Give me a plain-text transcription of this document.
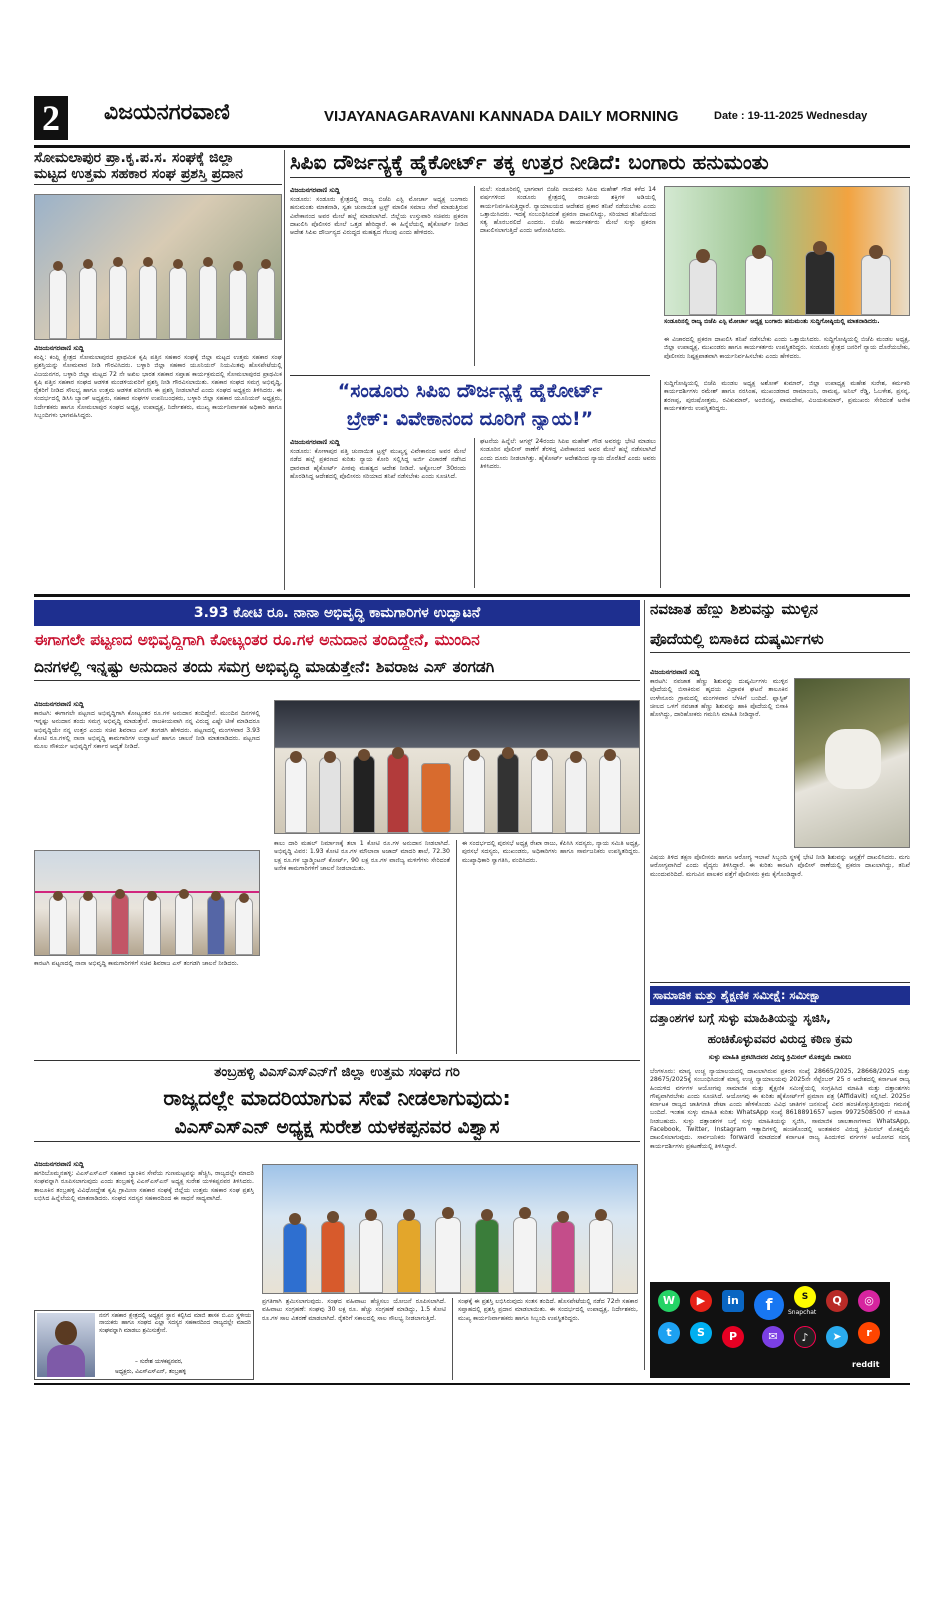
2	ವಿಜಯನಗರವಾಣಿ	VIJAYANAGARAVANI KANNADA DAILY MORNING	Date : 19-11-2025 Wednesday
ಸೋಮಲಾಪುರ ಪ್ರಾ.ಕೃ.ಪ.ಸ. ಸಂಘಕ್ಕೆ ಜಿಲ್ಲಾ
ಮಟ್ಟದ ಉತ್ತಮ ಸಹಕಾರ ಸಂಘ ಪ್ರಶಸ್ತಿ ಪ್ರದಾನ
ವಿಜಯನಗರವಾಣಿ ಸುದ್ದಿ
ಕಂಪ್ಲಿ: ಕಂಪ್ಲಿ ಕ್ಷೇತ್ರದ ಸೋಮಲಾಪುರದ ಪ್ರಾಥಮಿಕ ಕೃಷಿ ಪತ್ತಿನ ಸಹಕಾರ ಸಂಘಕ್ಕೆ ಜಿಲ್ಲಾ ಮಟ್ಟದ ಉತ್ತಮ ಸಹಕಾರ ಸಂಘ ಪ್ರಶಸ್ತಿಯನ್ನು ಸೋಮವಾರ ನೀಡಿ ಗೌರವಿಸಿದರು. ಬಳ್ಳಾರಿ ಜಿಲ್ಲಾ ಸಹಕಾರ ಯೂನಿಯನ್ ನಿಯಮಿತವು ಹೊಸಪೇಟೆಯಲ್ಲಿ ವಿಜಯನಗರ, ಬಳ್ಳಾರಿ ಜಿಲ್ಲಾ ಮಟ್ಟದ 72 ನೇ ಅಖಿಲ ಭಾರತ ಸಹಕಾರ ಸಪ್ತಾಹ ಕಾರ್ಯಕ್ರಮದಲ್ಲಿ ಸೋಮಲಾಪುರದ ಪ್ರಾಥಮಿಕ ಕೃಷಿ ಪತ್ತಿನ ಸಹಕಾರ ಸಂಘದ ಆಡಳಿತ ಮಂಡಳಿಯವರಿಗೆ ಪ್ರಶಸ್ತಿ ನೀಡಿ ಗೌರವಿಸಲಾಯಿತು. ಸಹಕಾರ ಸಂಘದ ಸಮಗ್ರ ಅಭಿವೃದ್ಧಿ, ರೈತರಿಗೆ ನೀಡಿದ ಸೌಲಭ್ಯ ಹಾಗೂ ಉತ್ತಮ ಆಡಳಿತ ಪರಿಗಣಿಸಿ ಈ ಪ್ರಶಸ್ತಿ ನೀಡಲಾಗಿದೆ ಎಂದು ಸಂಘದ ಅಧ್ಯಕ್ಷರು ತಿಳಿಸಿದರು. ಈ ಸಂದರ್ಭದಲ್ಲಿ ಡಿಸಿಸಿ ಬ್ಯಾಂಕ್ ಅಧ್ಯಕ್ಷರು, ಸಹಕಾರ ಸಂಘಗಳ ಉಪನಿಬಂಧಕರು, ಬಳ್ಳಾರಿ ಜಿಲ್ಲಾ ಸಹಕಾರ ಯೂನಿಯನ್ ಅಧ್ಯಕ್ಷರು, ನಿರ್ದೇಶಕರು ಹಾಗೂ ಸೋಮಲಾಪುರ ಸಂಘದ ಅಧ್ಯಕ್ಷ, ಉಪಾಧ್ಯಕ್ಷ, ನಿರ್ದೇಶಕರು, ಮುಖ್ಯ ಕಾರ್ಯನಿರ್ವಾಹಕ ಅಧಿಕಾರಿ ಹಾಗೂ ಸಿಬ್ಬಂದಿಗಳು ಭಾಗವಹಿಸಿದ್ದರು.
ಸಿಪಿಐ ದೌರ್ಜನ್ಯಕ್ಕೆ ಹೈಕೋರ್ಟ್ ತಕ್ಕ ಉತ್ತರ ನೀಡಿದೆ: ಬಂಗಾರು ಹನುಮಂತು
ವಿಜಯನಗರವಾಣಿ ಸುದ್ದಿ
ಸಂಡೂರು: ಸಂಡೂರು ಕ್ಷೇತ್ರದಲ್ಲಿ ರಾಜ್ಯ ಬಿಜೆಪಿ ಎಸ್ಟಿ ಮೋರ್ಚಾ ಅಧ್ಯಕ್ಷ ಬಂಗಾರು ಹನುಮಂತು ಮಾತನಾಡಿ, ಸ್ವತಃ ಚುನಾಯಿತ ಟ್ರಸ್ಟ್ ಮಾಲಿಕ ಸಮಾಜ ಸೇವೆ ಮಾಡುತ್ತಿರುವ ವಿವೇಕಾನಂದ ಅವರ ಮೇಲೆ ಹಲ್ಲೆ ಮಾಡಲಾಗಿದೆ. ಜಿಲ್ಲೆಯ ಉಸ್ತುವಾರಿ ಸಚಿವರು ಪ್ರಕರಣ ದಾಖಲಿಸಿ ಪೊಲೀಸರ ಮೇಲೆ ಒತ್ತಡ ಹೇರಿದ್ದಾರೆ. ಈ ಹಿನ್ನೆಲೆಯಲ್ಲಿ ಹೈಕೋರ್ಟ್ ನೀಡಿದ ಆದೇಶ ಸಿಪಿಐ ದೌರ್ಜನ್ಯದ ವಿರುದ್ಧದ ಮಹತ್ವದ ಗೆಲುವು ಎಂದು ಹೇಳಿದರು.
ಮಲೆ: ಸಂಡೂರಿನಲ್ಲಿ ಭಾಗವಾಗ ಬಿಜೆಪಿ ನಾಯಕರು ಸಿಪಿಐ ಮಹೇಶ್ ಗೌಡ ಕಳೆದ 14 ವರ್ಷಗಳಿಂದ ಸಂಡೂರು ಕ್ಷೇತ್ರದಲ್ಲಿ ರಾಜಕೀಯ ಶಕ್ತಿಗಳ ಅಡಿಯಲ್ಲಿ ಕಾರ್ಯನಿರ್ವಹಿಸುತ್ತಿದ್ದಾರೆ. ನ್ಯಾಯಾಲಯದ ಆದೇಶದ ಪ್ರಕಾರ ತನಿಖೆ ನಡೆಯಬೇಕು ಎಂದು ಒತ್ತಾಯಿಸಿದರು. ಇದಕ್ಕೆ ಸಂಬಂಧಿಸಿದಂತೆ ಪ್ರಕರಣ ದಾಖಲಿಸಿದ್ದು, ಸರಿಯಾದ ತನಿಖೆಯಿಂದ ಸತ್ಯ ಹೊರಬರಲಿದೆ ಎಂದರು. ಬಿಜೆಪಿ ಕಾರ್ಯಕರ್ತರು ಮೇಲೆ ಸುಳ್ಳು ಪ್ರಕರಣ ದಾಖಲಿಸಲಾಗುತ್ತಿದೆ ಎಂದು ಆರೋಪಿಸಿದರು.
ಸಂಡೂರಿನಲ್ಲಿ ರಾಜ್ಯ ಬಿಜೆಪಿ ಎಸ್ಟಿ ಮೋರ್ಚಾ ಅಧ್ಯಕ್ಷ ಬಂಗಾರು ಹನುಮಂತು ಸುದ್ದಿಗೋಷ್ಠಿಯಲ್ಲಿ ಮಾತನಾಡಿದರು.
ಈ ವಿಚಾರದಲ್ಲಿ ಪ್ರಕರಣ ದಾಖಲಿಸಿ ತನಿಖೆ ನಡೆಸಬೇಕು ಎಂದು ಒತ್ತಾಯಿಸಿದರು. ಸುದ್ದಿಗೋಷ್ಠಿಯಲ್ಲಿ ಬಿಜೆಪಿ ಮಂಡಲ ಅಧ್ಯಕ್ಷ, ಜಿಲ್ಲಾ ಉಪಾಧ್ಯಕ್ಷ, ಮುಖಂಡರು ಹಾಗೂ ಕಾರ್ಯಕರ್ತರು ಉಪಸ್ಥಿತರಿದ್ದರು. ಸಂಡೂರು ಕ್ಷೇತ್ರದ ಜನರಿಗೆ ನ್ಯಾಯ ದೊರೆಯಬೇಕು, ಪೊಲೀಸರು ನಿಷ್ಪಕ್ಷಪಾತವಾಗಿ ಕಾರ್ಯನಿರ್ವಹಿಸಬೇಕು ಎಂದು ಹೇಳಿದರು.
“ಸಂಡೂರು ಸಿಪಿಐ ದೌರ್ಜನ್ಯಕ್ಕೆ ಹೈಕೋರ್ಟ್
ಬ್ರೇಕ್: ವಿವೇಕಾನಂದ ದೂರಿಗೆ ನ್ಯಾಯ!”
ವಿಜಯನಗರವಾಣಿ ಸುದ್ದಿ
ಸಂಡೂರು: ಕೋಳಾಪುರ ಪತ್ತಿ ಚುನಾಯಿತ ಟ್ರಸ್ಟ್ ಮುಖ್ಯಸ್ಥ ವಿವೇಕಾನಂದ ಅವರ ಮೇಲೆ ನಡೆದ ಹಲ್ಲೆ ಪ್ರಕರಣದ ಕುರಿತು ನ್ಯಾಯ ಕೋರಿ ಸಲ್ಲಿಸಿದ್ದ ಅರ್ಜಿ ವಿಚಾರಣೆ ನಡೆಸಿದ ಧಾರವಾಡ ಹೈಕೋರ್ಟ್ ಪೀಠವು ಮಹತ್ವದ ಆದೇಶ ನೀಡಿದೆ. ಅಕ್ಟೋಬರ್ 30ರಂದು ಹೊರಡಿಸಿದ್ದ ಆದೇಶದಲ್ಲಿ ಪೊಲೀಸರು ಸರಿಯಾದ ತನಿಖೆ ನಡೆಸಬೇಕು ಎಂದು ಸೂಚಿಸಿದೆ.
ಘಟನೆಯ ಹಿನ್ನೆಲೆ: ಆಗಸ್ಟ್ 24ರಂದು ಸಿಪಿಐ ಮಹೇಶ್ ಗೌಡ ಅವರನ್ನು ಭೇಟಿ ಮಾಡಲು ಸಂಡೂರಿನ ಪೊಲೀಸ್ ಠಾಣೆಗೆ ತೆರಳಿದ್ದ ವಿವೇಕಾನಂದ ಅವರ ಮೇಲೆ ಹಲ್ಲೆ ನಡೆಸಲಾಗಿದೆ ಎಂದು ದೂರು ನೀಡಲಾಗಿತ್ತು. ಹೈಕೋರ್ಟ್ ಆದೇಶದಿಂದ ನ್ಯಾಯ ದೊರೆತಿದೆ ಎಂದು ಅವರು ತಿಳಿಸಿದರು.
ಸುದ್ದಿಗೋಷ್ಠಿಯಲ್ಲಿ ಬಿಜೆಪಿ ಮಂಡಲ ಅಧ್ಯಕ್ಷ ಅಶೋಕ್ ಕುಮಾರ್, ಜಿಲ್ಲಾ ಉಪಾಧ್ಯಕ್ಷ ಮಹೇಶ ಸುರೇಶ, ಕರ್ಮಕರಿ ಕಾರ್ಯದರ್ಶಿಗಳು ರಮೇಶ್ ಹಾಗೂ ನರಸಿಂಹ, ಮುಖಂಡರಾದ ರಾಮಾಂಜನಿ, ರಾಮಪ್ಪ, ಅನಿಲ್ ರೆಡ್ಡಿ, ಓಬಳೇಶ, ಪ್ರಸನ್ನ, ಶರಣಪ್ಪ, ಪುರುಷೋತ್ತಮ, ರವಿಕುಮಾರ್, ಅಂಜಿನಪ್ಪ, ವಾಮದೇವ, ವಿಜಯಕುಮಾರ್, ಪ್ರಮುಖರು ಸೇರಿದಂತೆ ಅನೇಕ ಕಾರ್ಯಕರ್ತರು ಉಪಸ್ಥಿತರಿದ್ದರು.
3.93 ಕೋಟಿ ರೂ. ನಾನಾ ಅಭಿವೃದ್ಧಿ ಕಾಮಗಾರಿಗಳ ಉದ್ಘಾಟನೆ
ಈಗಾಗಲೇ ಪಟ್ಟಣದ ಅಭಿವೃದ್ಧಿಗಾಗಿ ಕೋಟ್ಯಂತರ ರೂ.ಗಳ ಅನುದಾನ ತಂದಿದ್ದೇನೆ, ಮುಂದಿನ
ದಿನಗಳಲ್ಲಿ ಇನ್ನಷ್ಟು ಅನುದಾನ ತಂದು ಸಮಗ್ರ ಅಭಿವೃದ್ಧಿ ಮಾಡುತ್ತೇನೆ: ಶಿವರಾಜ ಎಸ್ ತಂಗಡಗಿ
ವಿಜಯನಗರವಾಣಿ ಸುದ್ದಿ
ಕಾರಟಗಿ: ಈಗಾಗಲೇ ಪಟ್ಟಣದ ಅಭಿವೃದ್ಧಿಗಾಗಿ ಕೋಟ್ಯಂತರ ರೂ.ಗಳ ಅನುದಾನ ತಂದಿದ್ದೇನೆ. ಮುಂದಿನ ದಿನಗಳಲ್ಲಿ ಇನ್ನಷ್ಟು ಅನುದಾನ ತಂದು ಸಮಗ್ರ ಅಭಿವೃದ್ಧಿ ಮಾಡುತ್ತೇನೆ. ರಾಜಕೀಯವಾಗಿ ನನ್ನ ವಿರುದ್ಧ ಎಷ್ಟೇ ಟೀಕೆ ಮಾಡಿದರೂ ಅಭಿವೃದ್ಧಿಯೇ ನನ್ನ ಉತ್ತರ ಎಂದು ಸಚಿವ ಶಿವರಾಜ ಎಸ್ ತಂಗಡಗಿ ಹೇಳಿದರು. ಪಟ್ಟಣದಲ್ಲಿ ಮಂಗಳವಾರ 3.93 ಕೋಟಿ ರೂ.ಗಳಲ್ಲಿ ನಾನಾ ಅಭಿವೃದ್ಧಿ ಕಾಮಗಾರಿಗಳ ಉದ್ಘಾಟನೆ ಹಾಗೂ ಚಾಲನೆ ನೀಡಿ ಮಾತನಾಡಿದರು. ಪಟ್ಟಣದ ಮೂಲ ಸೌಕರ್ಯ ಅಭಿವೃದ್ಧಿಗೆ ಸರ್ಕಾರ ಆದ್ಯತೆ ನೀಡಿದೆ.
ಕಾರಟಗಿ ಪಟ್ಟಣದಲ್ಲಿ ನಾನಾ ಅಭಿವೃದ್ಧಿ ಕಾಮಗಾರಿಗಳಿಗೆ ಸಚಿವ ಶಿವರಾಜ ಎಸ್ ತಂಗಡಗಿ ಚಾಲನೆ ನೀಡಿದರು.
ಕಾಲು ದಾರಿ ಮಹಲ್ ನಿರ್ಮಾಣಕ್ಕೆ ತಲಾ 1 ಕೋಟಿ ರೂ.ಗಳ ಅನುದಾನ ನೀಡಲಾಗಿದೆ. ಅಭಿವೃದ್ಧಿ ವಿವರ: 1.93 ಕೋಟಿ ರೂ.ಗಳ ಮೌಲಾನಾ ಅಜಾದ್ ಮಾದರಿ ಶಾಲೆ, 72.30 ಲಕ್ಷ ರೂ.ಗಳ ಬ್ಯಾಡ್ಮಿಂಟನ್ ಕೋರ್ಟ್, 90 ಲಕ್ಷ ರೂ.ಗಳ ವಾಣಿಜ್ಯ ಮಳಿಗೆಗಳು ಸೇರಿದಂತೆ ಅನೇಕ ಕಾಮಗಾರಿಗಳಿಗೆ ಚಾಲನೆ ನೀಡಲಾಯಿತು.
ಈ ಸಂದರ್ಭದಲ್ಲಿ ಪುರಸಭೆ ಅಧ್ಯಕ್ಷ ರೇಖಾ ರಾಜು, ಕೆಪಿಸಿಸಿ ಸದಸ್ಯರು, ನ್ಯಾಯ ಸಮಿತಿ ಅಧ್ಯಕ್ಷ, ಪುರಸಭೆ ಸದಸ್ಯರು, ಮುಖಂಡರು, ಅಧಿಕಾರಿಗಳು ಹಾಗೂ ಸಾರ್ವಜನಿಕರು ಉಪಸ್ಥಿತರಿದ್ದರು. ಮುಖ್ಯಾಧಿಕಾರಿ ಸ್ವಾಗತಿಸಿ, ವಂದಿಸಿದರು.
ನವಜಾತ ಹೆಣ್ಣು ಶಿಶುವನ್ನು ಮುಳ್ಳಿನ
ಪೊದೆಯಲ್ಲಿ ಬಿಸಾಕಿದ ದುಷ್ಕರ್ಮಿಗಳು
ವಿಜಯನಗರವಾಣಿ ಸುದ್ದಿ
ಕಾರಟಗಿ: ನವಜಾತ ಹೆಣ್ಣು ಶಿಶುವನ್ನು ದುಷ್ಕರ್ಮಿಗಳು ಮುಳ್ಳಿನ ಪೊದೆಯಲ್ಲಿ ಬಿಸಾಕಿರುವ ಹೃದಯ ವಿದ್ರಾವಕ ಘಟನೆ ತಾಲೂಕಿನ ಉಳೇನೂರು ಗ್ರಾಮದಲ್ಲಿ ಮಂಗಳವಾರ ಬೆಳಕಿಗೆ ಬಂದಿದೆ. ಪ್ಲಾಸ್ಟಿಕ್ ಚೀಲದ ಒಳಗೆ ನವಜಾತ ಹೆಣ್ಣು ಶಿಶುವನ್ನು ಹಾಕಿ ಪೊದೆಯಲ್ಲಿ ಬಿಸಾಕಿ ಹೋಗಿದ್ದು, ದಾರಿಹೋಕರು ಗಮನಿಸಿ ಮಾಹಿತಿ ನೀಡಿದ್ದಾರೆ.
ವಿಷಯ ತಿಳಿದ ತಕ್ಷಣ ಪೊಲೀಸರು ಹಾಗೂ ಆರೋಗ್ಯ ಇಲಾಖೆ ಸಿಬ್ಬಂದಿ ಸ್ಥಳಕ್ಕೆ ಭೇಟಿ ನೀಡಿ ಶಿಶುವನ್ನು ಆಸ್ಪತ್ರೆಗೆ ದಾಖಲಿಸಿದರು. ಮಗು ಆರೋಗ್ಯವಾಗಿದೆ ಎಂದು ವೈದ್ಯರು ತಿಳಿಸಿದ್ದಾರೆ. ಈ ಕುರಿತು ಕಾರಟಗಿ ಪೊಲೀಸ್ ಠಾಣೆಯಲ್ಲಿ ಪ್ರಕರಣ ದಾಖಲಾಗಿದ್ದು, ತನಿಖೆ ಮುಂದುವರಿದಿದೆ. ಮಗುವಿನ ಪಾಲಕರ ಪತ್ತೆಗೆ ಪೊಲೀಸರು ಕ್ರಮ ಕೈಗೊಂಡಿದ್ದಾರೆ.
ಸಾಮಾಜಿಕ ಮತ್ತು ಶೈಕ್ಷಣಿಕ ಸಮೀಕ್ಷೆ: ಸಮೀಕ್ಷಾ
ದತ್ತಾಂಶಗಳ ಬಗ್ಗೆ ಸುಳ್ಳು ಮಾಹಿತಿಯನ್ನು ಸೃಜಿಸಿ,
ಹಂಚಿಕೊಳ್ಳುವವರ ವಿರುದ್ಧ ಕಠಿಣ ಕ್ರಮ
ಸುಳ್ಳು ಮಾಹಿತಿ ಪ್ರಕಟಿಸಿದವರ ವಿರುದ್ಧ ಕ್ರಿಮಿನಲ್ ಮೊಕದ್ದಮೆ ದಾಖಲು
ಬೆಂಗಳೂರು: ಮಾನ್ಯ ಉಚ್ಚ ನ್ಯಾಯಾಲಯದಲ್ಲಿ ದಾಖಲಾಗಿರುವ ಪ್ರಕರಣ ಸಂಖ್ಯೆ 28665/2025, 28668/2025 ಮತ್ತು 28675/2025ಕ್ಕೆ ಸಂಬಂಧಿಸಿದಂತೆ ಮಾನ್ಯ ಉಚ್ಚ ನ್ಯಾಯಾಲಯವು 2025ನೇ ಸೆಪ್ಟೆಂಬರ್ 25 ರ ಆದೇಶದಲ್ಲಿ ಕರ್ನಾಟಕ ರಾಜ್ಯ ಹಿಂದುಳಿದ ವರ್ಗಗಳ ಆಯೋಗವು ಸಾಮಾಜಿಕ ಮತ್ತು ಶೈಕ್ಷಣಿಕ ಸಮೀಕ್ಷೆಯಲ್ಲಿ ಸಂಗ್ರಹಿಸಿದ ಮಾಹಿತಿ ಮತ್ತು ದತ್ತಾಂಶಗಳು ಗೌಪ್ಯವಾಗಿರಬೇಕು ಎಂದು ಸೂಚಿಸಿದೆ. ಆಯೋಗವು ಈ ಕುರಿತು ಹೈಕೋರ್ಟ್‌ಗೆ ಪ್ರಮಾಣ ಪತ್ರ (Affidavit) ಸಲ್ಲಿಸಿದೆ. 2025ರ ಕರ್ನಾಟಕ ರಾಜ್ಯದ ಜಾತಿಗಣತಿ ಡೇಟಾ ಎಂದು ಹೇಳಿಕೊಂಡು ವಿವಿಧ ಜಾತಿಗಳ ಜನಸಂಖ್ಯೆ ವಿವರ ಹಂಚಿಕೊಳ್ಳುತ್ತಿರುವುದು ಗಮನಕ್ಕೆ ಬಂದಿದೆ. ಇಂತಹ ಸುಳ್ಳು ಮಾಹಿತಿ ಕುರಿತು WhatsApp ಸಂಖ್ಯೆ 8618891657 ಅಥವಾ 9972508500 ಗೆ ಮಾಹಿತಿ ನೀಡಬಹುದು. ಸುಳ್ಳು ದತ್ತಾಂಶಗಳ ಬಗ್ಗೆ ಸುಳ್ಳು ಮಾಹಿತಿಯನ್ನು ಸೃಜಿಸಿ, ಸಾಮಾಜಿಕ ಜಾಲತಾಣಗಳಾದ WhatsApp, Facebook, Twitter, Instagram ಇತ್ಯಾದಿಗಳಲ್ಲಿ ಹಂಚಿಕೊಂಡಲ್ಲಿ ಅಂತಹವರ ವಿರುದ್ಧ ಕ್ರಿಮಿನಲ್ ಮೊಕದ್ದಮೆ ದಾಖಲಿಸಲಾಗುವುದು. ಸಾರ್ವಜನಿಕರು forward ಮಾಡದಂತೆ ಕರ್ನಾಟಕ ರಾಜ್ಯ ಹಿಂದುಳಿದ ವರ್ಗಗಳ ಆಯೋಗದ ಸದಸ್ಯ ಕಾರ್ಯದರ್ಶಿಗಳು ಪ್ರಕಟಣೆಯಲ್ಲಿ ತಿಳಿಸಿದ್ದಾರೆ.
W	▶	in	f	S
Snapchat
Q	◎
t	S	P	✉	♪	➤	r
reddit
ತಂಬ್ರಹಳ್ಳಿ ವಿಎಸ್‌ಎಸ್‌ಎನ್‌ಗೆ ಜಿಲ್ಲಾ ಉತ್ತಮ ಸಂಘದ ಗರಿ
ರಾಜ್ಯದಲ್ಲೇ ಮಾದರಿಯಾಗುವ ಸೇವೆ ನೀಡಲಾಗುವುದು:
ವಿಎಸ್‌ಎಸ್‌ಎನ್ ಅಧ್ಯಕ್ಷ ಸುರೇಶ ಯಳಕಪ್ಪನವರ ವಿಶ್ವಾಸ
ವಿಜಯನಗರವಾಣಿ ಸುದ್ದಿ
ಹಗರಿಬೊಮ್ಮನಹಳ್ಳಿ: ವಿಎಸ್‌ಎಸ್‌ಎನ್ ಸಹಕಾರ ಬ್ಯಾಂಕಿನ ಸೇವೆಯ ಗುಣಮಟ್ಟವನ್ನು ಹೆಚ್ಚಿಸಿ, ರಾಜ್ಯದಲ್ಲೇ ಮಾದರಿ ಸಂಘವನ್ನಾಗಿ ರೂಪಿಸಲಾಗುವುದು ಎಂದು ತಂಬ್ರಹಳ್ಳಿ ವಿಎಸ್‌ಎಸ್‌ಎನ್ ಅಧ್ಯಕ್ಷ ಸುರೇಶ ಯಳಕಪ್ಪನವರ ತಿಳಿಸಿದರು. ತಾಲೂಕಿನ ತಂಬ್ರಹಳ್ಳಿ ವಿವಿಧೋದ್ದೇಶ ಕೃಷಿ ಗ್ರಾಮೀಣ ಸಹಕಾರ ಸಂಘಕ್ಕೆ ಜಿಲ್ಲೆಯ ಉತ್ತಮ ಸಹಕಾರ ಸಂಘ ಪ್ರಶಸ್ತಿ ಲಭಿಸಿದ ಹಿನ್ನೆಲೆಯಲ್ಲಿ ಮಾತನಾಡಿದರು. ಸಂಘದ ಸದಸ್ಯರ ಸಹಕಾರದಿಂದ ಈ ಸಾಧನೆ ಸಾಧ್ಯವಾಗಿದೆ.
ನನಗೆ ಸಹಕಾರ ಕ್ಷೇತ್ರದಲ್ಲಿ ಅಧ್ಯಕ್ಷನ ಸ್ಥಾನ ಕಲ್ಪಿಸಿದ ಮಾಜಿ ಶಾಸಕ ಬಿ.ಎಂ ಸ್ಥಳೀಯ ನಾಯಕರು ಹಾಗೂ ಸಂಘದ ಎಲ್ಲಾ ಸದಸ್ಯರ ಸಹಕಾರದಿಂದ ರಾಜ್ಯದಲ್ಲೇ ಮಾದರಿ ಸಂಘವನ್ನಾಗಿ ಮಾಡಲು ಶ್ರಮಿಸುತ್ತೇನೆ.
– ಸುರೇಶ ಯಳಕಪ್ಪನವರ,
ಅಧ್ಯಕ್ಷರು, ವಿಎಸ್‌ಎಸ್‌ಎನ್, ತಂಬ್ರಹಳ್ಳಿ
ಪ್ರಗತಿಗಾಗಿ ಶ್ರಮಿಸಲಾಗುವುದು. ಸಂಘದ ವಹಿವಾಟು ಹೆಚ್ಚಿಸಲು ಯೋಜನೆ ರೂಪಿಸಲಾಗಿದೆ. ವಹಿವಾಟು ಸಂಗ್ರಹಣೆ: ಸಂಘವು 30 ಲಕ್ಷ ರೂ. ಹೆಚ್ಚು ಸಂಗ್ರಹಣೆ ಮಾಡಿದ್ದು, 1.5 ಕೋಟಿ ರೂ.ಗಳ ಸಾಲ ವಿತರಣೆ ಮಾಡಲಾಗಿದೆ. ರೈತರಿಗೆ ಸಕಾಲದಲ್ಲಿ ಸಾಲ ಸೌಲಭ್ಯ ನೀಡಲಾಗುತ್ತಿದೆ.
ಸಂಘಕ್ಕೆ ಈ ಪ್ರಶಸ್ತಿ ಲಭಿಸಿರುವುದು ಸಂತಸ ತಂದಿದೆ. ಹೊಸಪೇಟೆಯಲ್ಲಿ ನಡೆದ 72ನೇ ಸಹಕಾರ ಸಪ್ತಾಹದಲ್ಲಿ ಪ್ರಶಸ್ತಿ ಪ್ರದಾನ ಮಾಡಲಾಯಿತು. ಈ ಸಂದರ್ಭದಲ್ಲಿ ಉಪಾಧ್ಯಕ್ಷ, ನಿರ್ದೇಶಕರು, ಮುಖ್ಯ ಕಾರ್ಯನಿರ್ವಾಹಕರು ಹಾಗೂ ಸಿಬ್ಬಂದಿ ಉಪಸ್ಥಿತರಿದ್ದರು.
